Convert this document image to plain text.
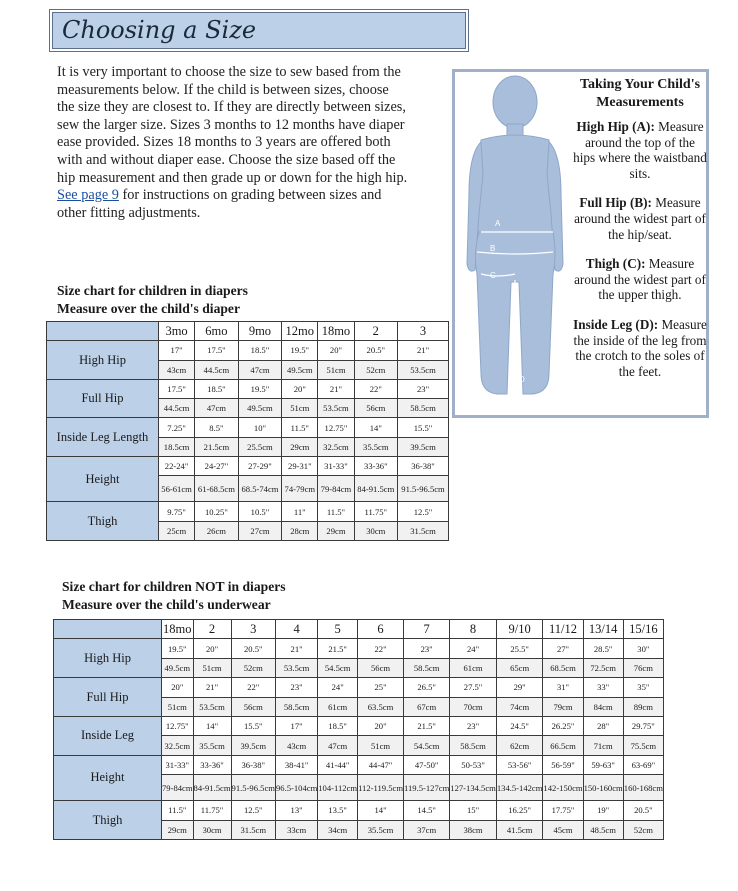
Choosing a Size
It is very important to choose the size to sew based from the measurements below. If the child is between sizes, choose the size they are closest to. If they are directly between sizes, sew the larger size. Sizes 3 months to 12 months have diaper ease provided. Sizes 18 months to 3 years are offered both with and without diaper ease. Choose the size based off the hip measurement and then grade up or down for the high hip. See page 9 for instructions on grading between sizes and other fitting adjustments.
A
B
C
D
Taking Your Child's Measurements
High Hip (A): Measure around the top of the hips where the waistband sits.
Full Hip (B): Measure around the widest part of the hip/seat.
Thigh (C): Measure around the widest part of the upper thigh.
Inside Leg (D): Measure the inside of the leg from the crotch to the soles of the feet.
Size chart for children in diapers
Measure over the child's diaper
	3mo	6mo	9mo	12mo	18mo	2	3
High Hip	17"	17.5"	18.5"	19.5"	20"	20.5"	21"
	43cm	44.5cm	47cm	49.5cm	51cm	52cm	53.5cm
Full Hip	17.5"	18.5"	19.5"	20"	21"	22"	23"
	44.5cm	47cm	49.5cm	51cm	53.5cm	56cm	58.5cm
Inside Leg Length	7.25"	8.5"	10"	11.5"	12.75"	14"	15.5"
	18.5cm	21.5cm	25.5cm	29cm	32.5cm	35.5cm	39.5cm
Height	22-24"	24-27"	27-29"	29-31"	31-33"	33-36"	36-38"
	56-61cm	61-68.5cm	68.5-74cm	74-79cm	79-84cm	84-91.5cm	91.5-96.5cm
Thigh	9.75"	10.25"	10.5"	11"	11.5"	11.75"	12.5"
	25cm	26cm	27cm	28cm	29cm	30cm	31.5cm
Size chart for children NOT in diapers
Measure over the child's underwear
	18mo	2	3	4	5	6	7	8	9/10	11/12	13/14	15/16
High Hip	19.5"	20"	20.5"	21"	21.5"	22"	23"	24"	25.5"	27"	28.5"	30"
	49.5cm	51cm	52cm	53.5cm	54.5cm	56cm	58.5cm	61cm	65cm	68.5cm	72.5cm	76cm
Full Hip	20"	21"	22"	23"	24"	25"	26.5"	27.5"	29"	31"	33"	35"
	51cm	53.5cm	56cm	58.5cm	61cm	63.5cm	67cm	70cm	74cm	79cm	84cm	89cm
Inside Leg	12.75"	14"	15.5"	17"	18.5"	20"	21.5"	23"	24.5"	26.25"	28"	29.75"
	32.5cm	35.5cm	39.5cm	43cm	47cm	51cm	54.5cm	58.5cm	62cm	66.5cm	71cm	75.5cm
Height	31-33"	33-36"	36-38"	38-41"	41-44"	44-47"	47-50"	50-53"	53-56"	56-59"	59-63"	63-69"
	79-84cm	84-91.5cm	91.5-96.5cm	96.5-104cm	104-112cm	112-119.5cm	119.5-127cm	127-134.5cm	134.5-142cm	142-150cm	150-160cm	160-168cm
Thigh	11.5"	11.75"	12.5"	13"	13.5"	14"	14.5"	15"	16.25"	17.75"	19"	20.5"
	29cm	30cm	31.5cm	33cm	34cm	35.5cm	37cm	38cm	41.5cm	45cm	48.5cm	52cm
